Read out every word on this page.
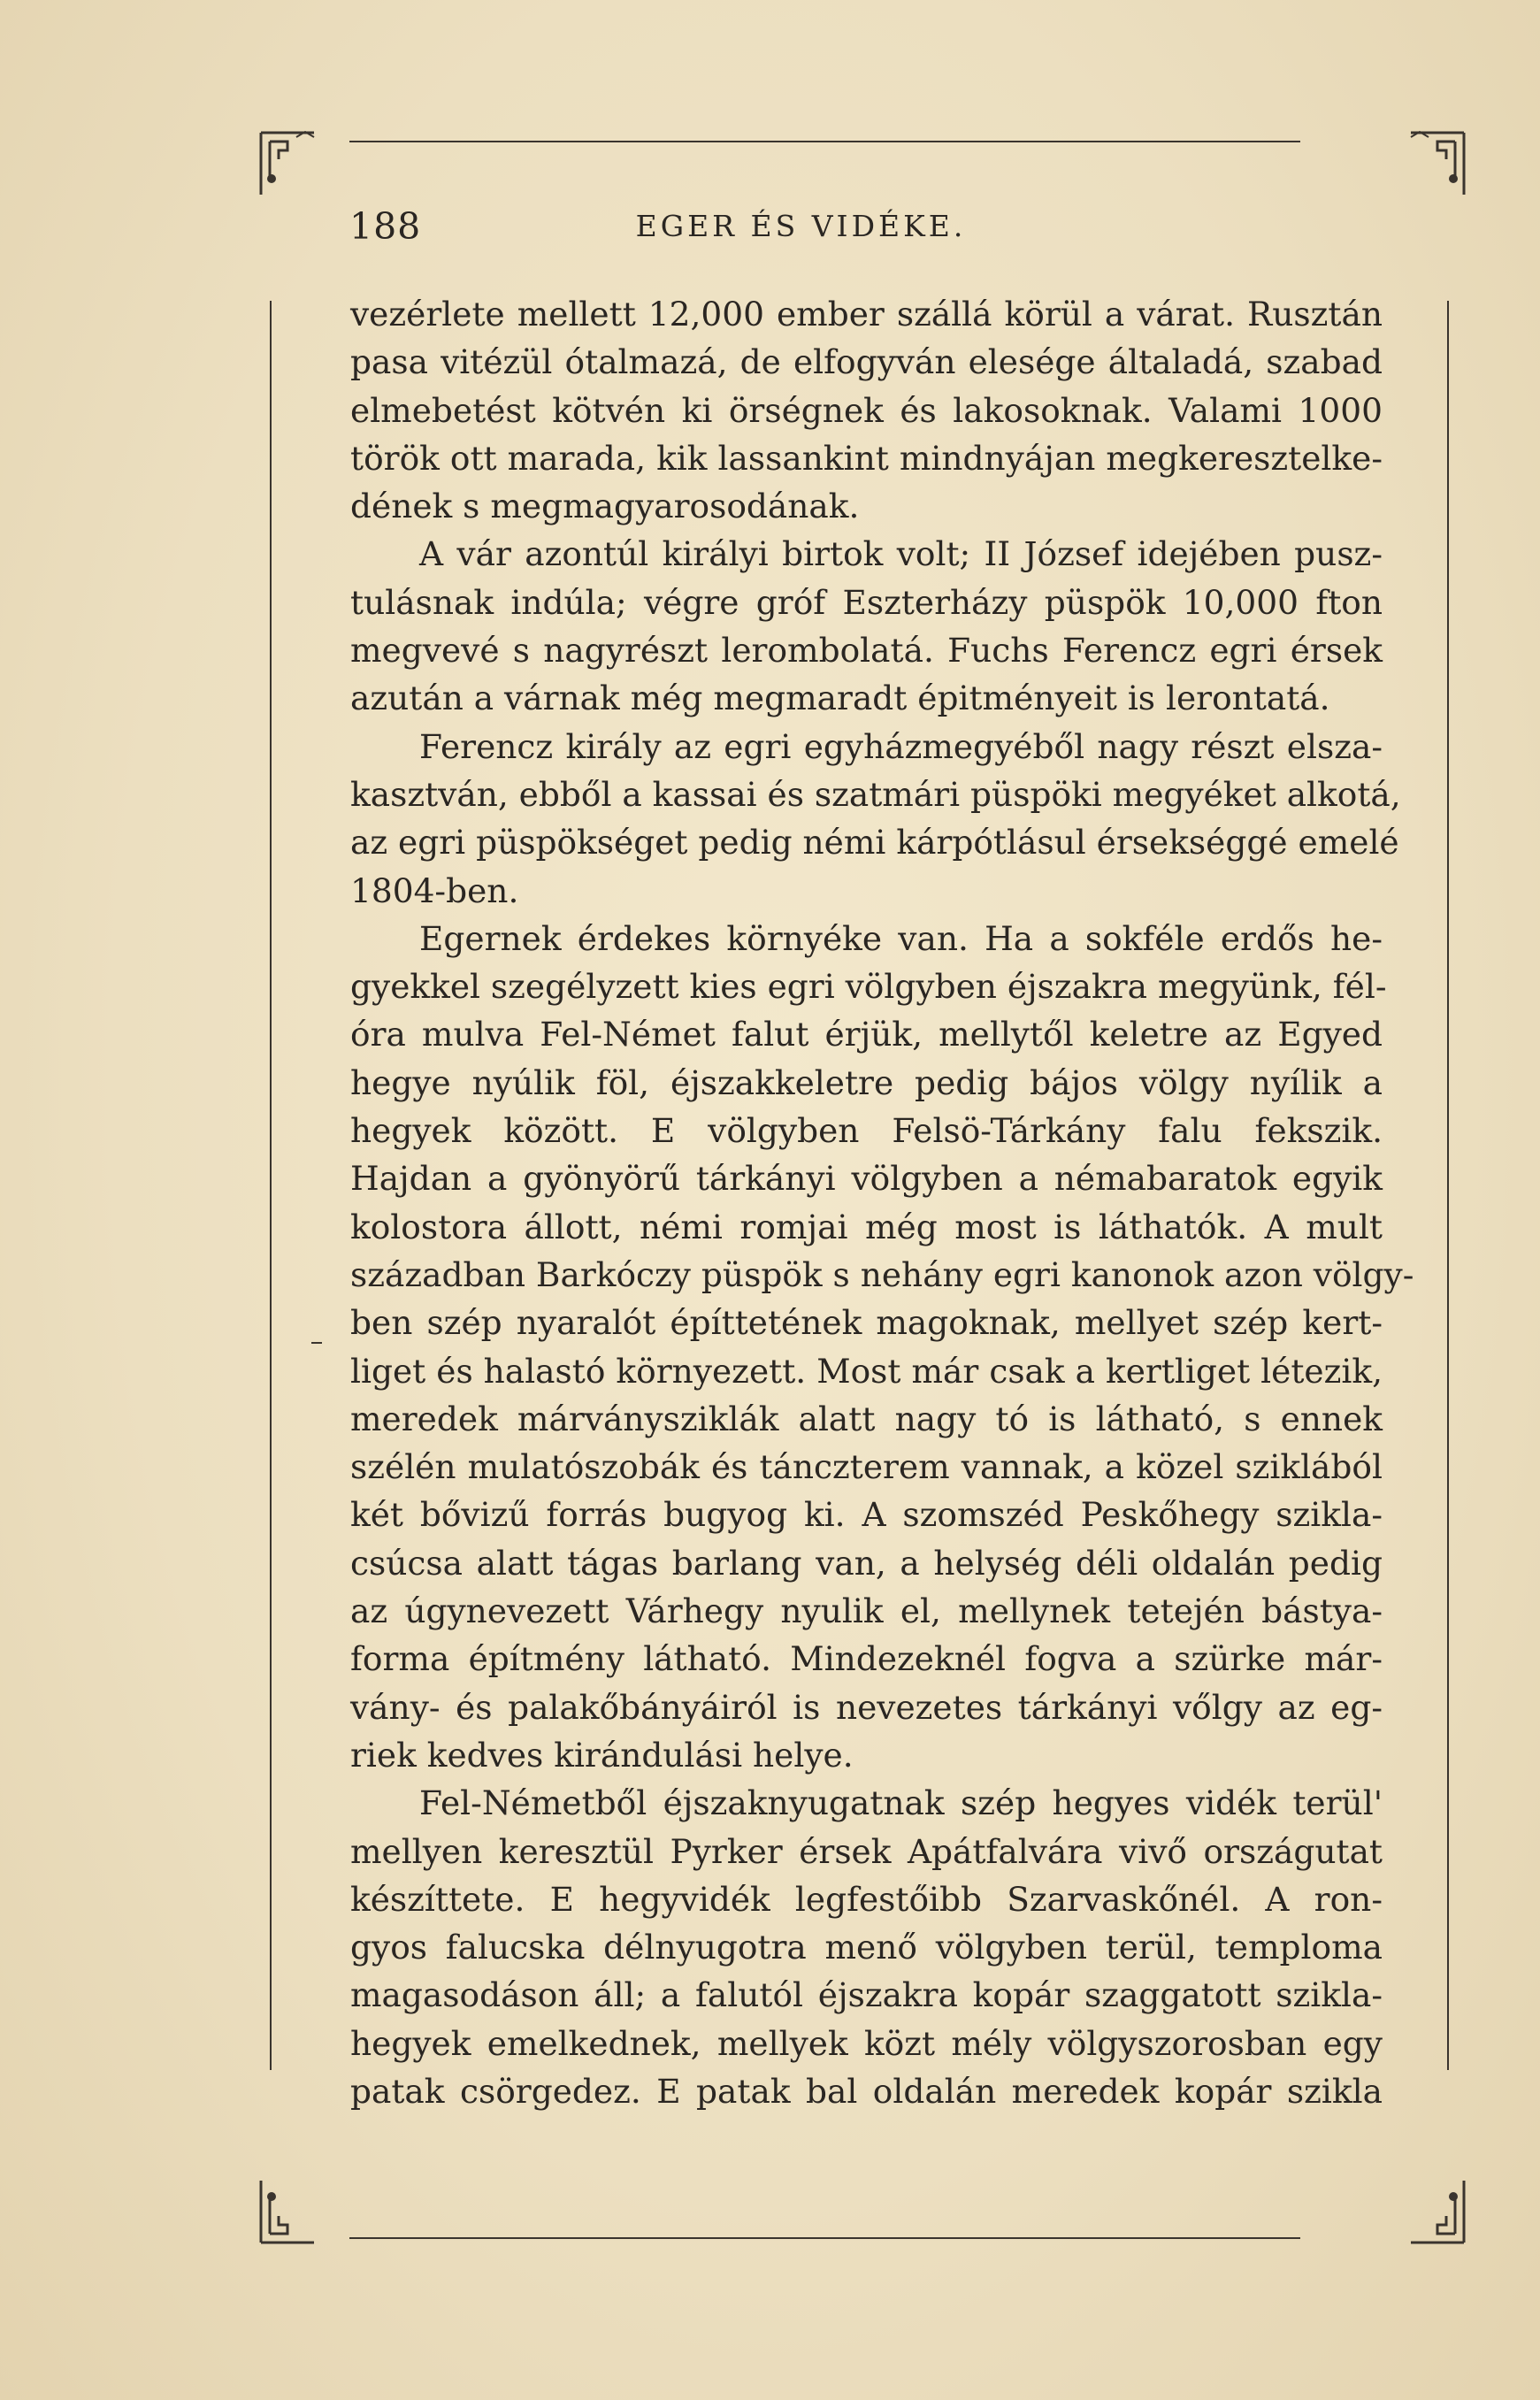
188	EGER ÉS VIDÉKE.
vezérlete mellett 12,000 ember szállá körül a várat. Rusztán
pasa vitézül ótalmazá, de elfogyván elesége általadá, szabad
elmebetést kötvén ki örségnek és lakosoknak. Valami 1000
török ott marada, kik lassankint mindnyájan megkeresztelke-
dének s megmagyarosodának.
A vár azontúl királyi birtok volt; II József idejében pusz-
tulásnak indúla; végre gróf Eszterházy püspök 10,000 fton
megvevé s nagyrészt lerombolatá. Fuchs Ferencz egri érsek
azután a várnak még megmaradt épitményeit is lerontatá.
Ferencz király az egri egyházmegyéből nagy részt elsza-
kasztván, ebből a kassai és szatmári püspöki megyéket alkotá,
az egri püspökséget pedig némi kárpótlásul érsekséggé emelé
1804-ben.
Egernek érdekes környéke van. Ha a sokféle erdős he-
gyekkel szegélyzett kies egri völgyben éjszakra megyünk, fél-
óra mulva Fel-Német falut érjük, mellytől keletre az Egyed
hegye nyúlik föl, éjszakkeletre pedig bájos völgy nyílik a
hegyek között. E völgyben Felsö-Tárkány falu fekszik.
Hajdan a gyönyörű tárkányi völgyben a némabaratok egyik
kolostora állott, némi romjai még most is láthatók. A mult
században Barkóczy püspök s nehány egri kanonok azon völgy-
ben szép nyaralót építtetének magoknak, mellyet szép kert-
liget és halastó környezett. Most már csak a kertliget létezik,
meredek márványsziklák alatt nagy tó is látható, s ennek
szélén mulatószobák és tánczterem vannak, a közel sziklából
két bővizű forrás bugyog ki. A szomszéd Peskőhegy szikla-
csúcsa alatt tágas barlang van, a helység déli oldalán pedig
az úgynevezett Várhegy nyulik el, mellynek tetején bástya-
forma építmény látható. Mindezeknél fogva a szürke már-
vány- és palakőbányáiról is nevezetes tárkányi vőlgy az eg-
riek kedves kirándulási helye.
Fel-Németből éjszaknyugatnak szép hegyes vidék terül'
mellyen keresztül Pyrker érsek Apátfalvára vivő országutat
készíttete. E hegyvidék legfestőibb Szarvaskőnél. A ron-
gyos falucska délnyugotra menő völgyben terül, temploma
magasodáson áll; a falutól éjszakra kopár szaggatott szikla-
hegyek emelkednek, mellyek közt mély völgyszorosban egy
patak csörgedez. E patak bal oldalán meredek kopár szikla
